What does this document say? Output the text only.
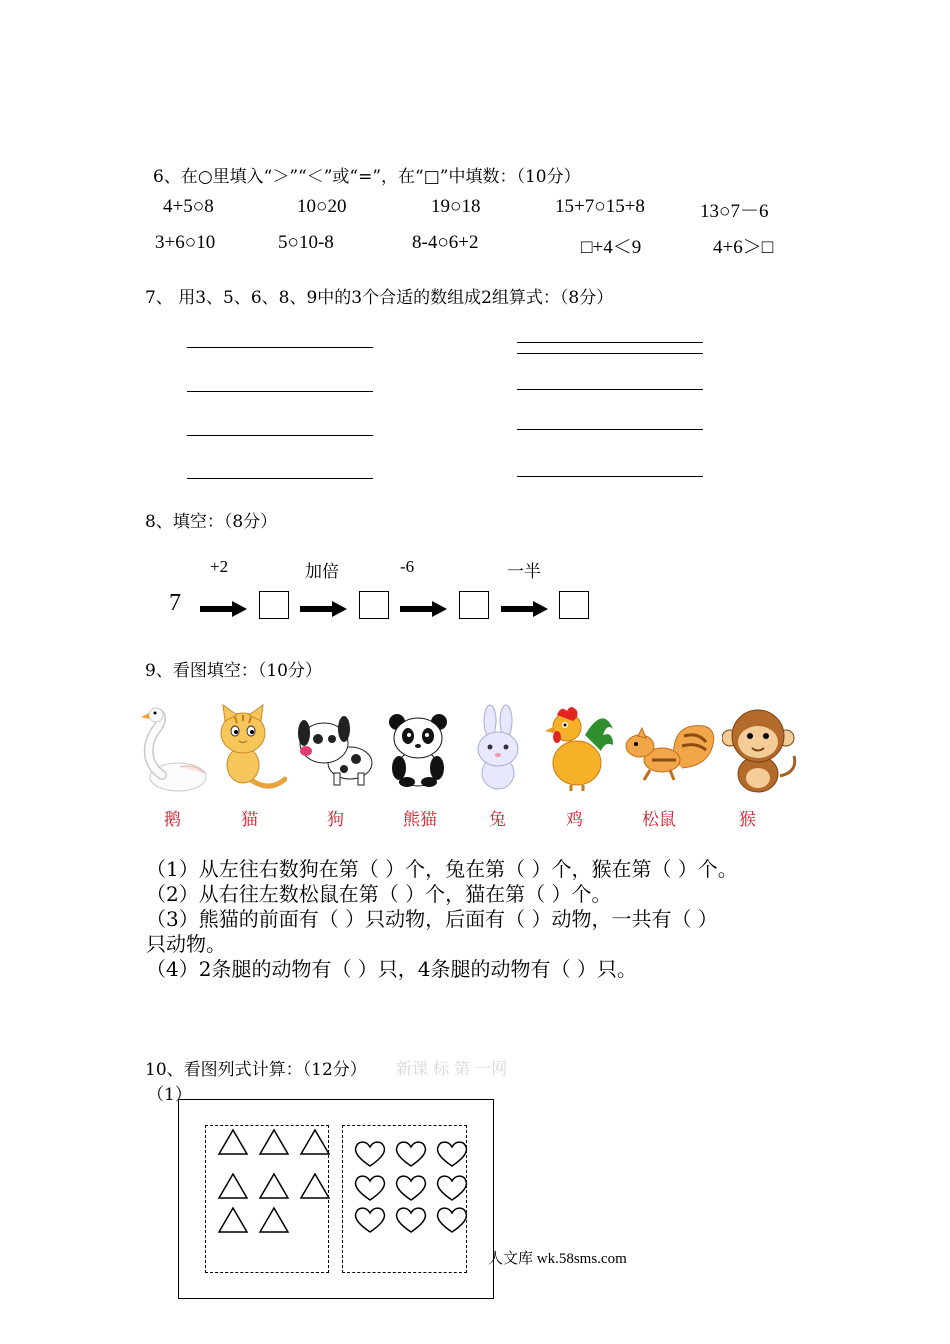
6、在○里填入“＞”“＜”或“=”，在“□”中填数：（10分）
4+5○8	10○20	19○18	15+7○15+8	13○7－6
3+6○10	5○10-8	8-4○6+2	□+4＜9	4+6＞□
7、 用3、5、6、8、9中的3个合适的数组成2组算式：（8分）
8、填空：（8分）
+2	加倍	-6	一半
7
9、看图填空：（10分）
鹅	猫	狗	熊猫	兔	鸡	松鼠	猴
（1）从左往右数狗在第（ ）个，兔在第（ ）个，猴在第（ ）个。
（2）从右往左数松鼠在第（ ）个，猫在第（ ）个。
（3）熊猫的前面有（ ）只动物，后面有（ ）动物，一共有（ ）
只动物。
（4）2条腿的动物有（ ）只，4条腿的动物有（ ）只。
10、看图列式计算：（12分） 新课 标 第 一网
（1）
人文库 wk.58sms.com
